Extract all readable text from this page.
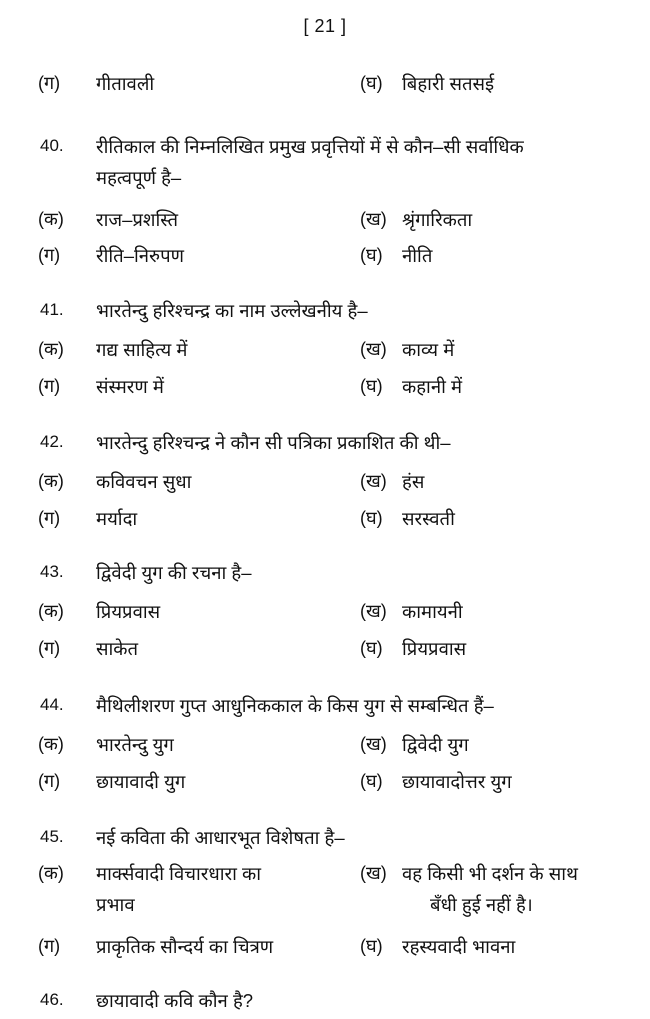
[ 21 ]
(ग) गीतावली	(घ) बिहारी सतसई
40.	रीतिकाल की निम्नलिखित प्रमुख प्रवृत्तियों में से कौन–सी सर्वाधिक
महत्वपूर्ण है–
(क) राज–प्रशस्ति	(ख) श्रृंगारिकता
(ग) रीति–निरुपण	(घ) नीति
41.	भारतेन्दु हरिश्चन्द्र का नाम उल्लेखनीय है–
(क) गद्य साहित्य में	(ख) काव्य में
(ग) संस्मरण में	(घ) कहानी में
42.	भारतेन्दु हरिश्चन्द्र ने कौन सी पत्रिका प्रकाशित की थी–
(क) कविवचन सुधा	(ख) हंस
(ग) मर्यादा	(घ) सरस्वती
43.	द्विवेदी युग की रचना है–
(क) प्रियप्रवास	(ख) कामायनी
(ग) साकेत	(घ) प्रियप्रवास
44.	मैथिलीशरण गुप्त आधुनिककाल के किस युग से सम्बन्धित हैं–
(क) भारतेन्दु युग	(ख) द्विवेदी युग
(ग) छायावादी युग	(घ) छायावादोत्तर युग
45.	नई कविता की आधारभूत विशेषता है–
(क) मार्क्सवादी विचारधारा का
प्रभाव
(ख) वह किसी भी दर्शन के साथ
बँधी हुई नहीं है।
(ग) प्राकृतिक सौन्दर्य का चित्रण	(घ) रहस्यवादी भावना
46.	छायावादी कवि कौन है?
